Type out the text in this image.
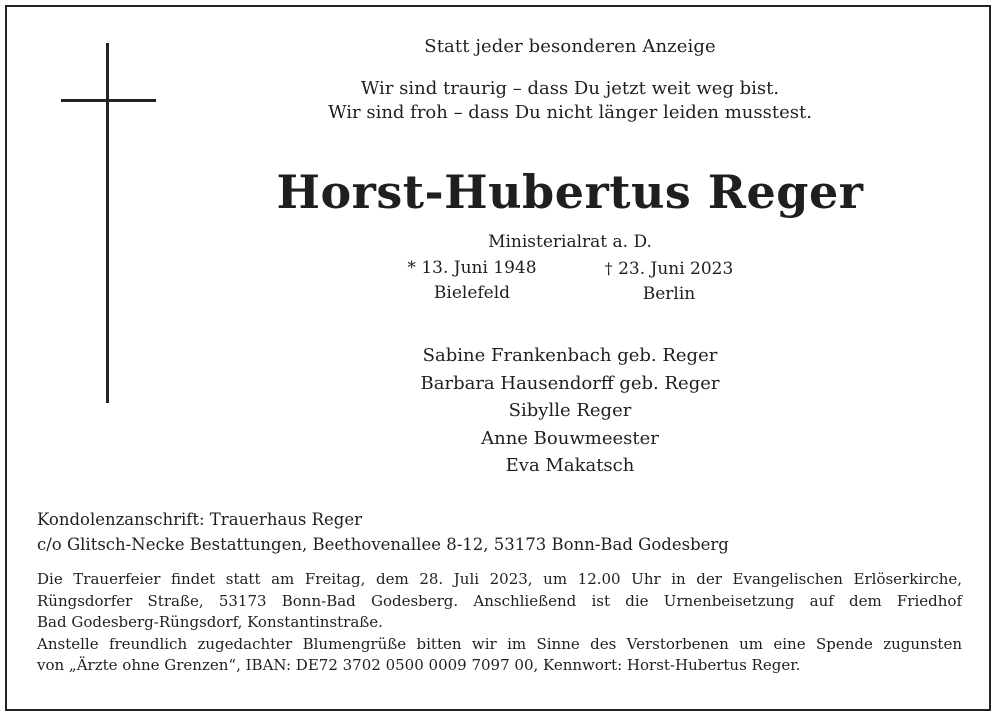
Statt jeder besonderen Anzeige
Wir sind traurig – dass Du jetzt weit weg bist.
Wir sind froh – dass Du nicht länger leiden musstest.
Horst-Hubertus Reger
Ministerialrat a. D.
* 13. Juni 1948
Bielefeld
† 23. Juni 2023
Berlin
Sabine Frankenbach geb. Reger
Barbara Hausendorff geb. Reger
Sibylle Reger
Anne Bouwmeester
Eva Makatsch
Kondolenzanschrift: Trauerhaus Reger
c/o Glitsch-Necke Bestattungen, Beethovenallee 8-12, 53173 Bonn-Bad Godesberg

Die Trauerfeier findet statt am Freitag, dem 28. Juli 2023, um 12.00 Uhr in der Evangelischen Erlöserkirche,

Rüngsdorfer Straße, 53173 Bonn-Bad Godesberg. Anschließend ist die Urnenbeisetzung auf dem Friedhof

Bad Godesberg-Rüngsdorf, Konstantinstraße.

Anstelle freundlich zugedachter Blumengrüße bitten wir im Sinne des Verstorbenen um eine Spende zugunsten

von „Ärzte ohne Grenzen“, IBAN: DE72 3702 0500 0009 7097 00, Kennwort: Horst-Hubertus Reger.
